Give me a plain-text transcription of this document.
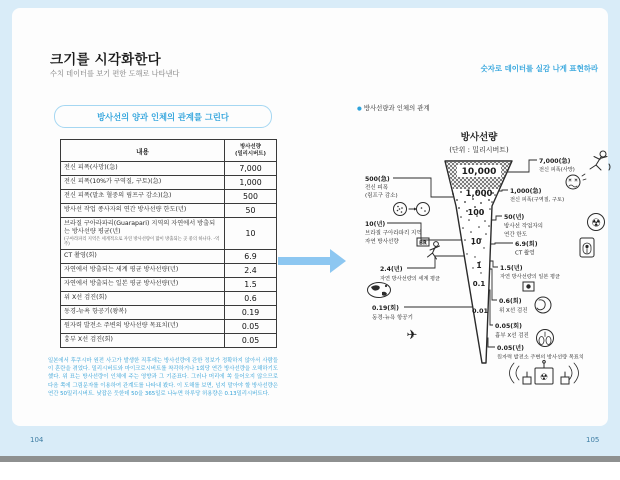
크기를 시각화한다
수치 데이터를 보기 편한 도해로 나타낸다
방사선의 양과 인체의 관계를 그린다
내용	방사선량
(밀리시버트)

전신 피폭(사망)(急)	7,000
전신 피폭(10%가 구역질, 구토)(急)	1,000
전신 피폭(말초 혈중의 림프구 감소)(急)	500
방사선 작업 종사자의 연간 방사선량 한도(년)	50
브라질 구아라파리(Guarapari) 지역의 자연에서 방출되는 방사선량 평균(년)
(구아라파리 지역은 세계적으로 자연 방사선량이 많이 방출되는 곳 중의 하나다. -역주)	10
CT 촬영(회)	6.9
자연에서 방출되는 세계 평균 방사선량(년)	2.4
자연에서 방출되는 일본 평균 방사선량(년)	1.5
위 X선 검진(회)	0.6
동경-뉴욕 항공기(왕복)	0.19
원자력 발전소 주변의 방사선량 목표치(년)	0.05
흉부 X선 검진(회)	0.05

일본에서 후쿠시마 원전 사고가 발생한 직후에는 방사선량에 관한 정보가 정확하지 않아서 사람들이 혼란을 겪었다. 밀리시버트와 마이크로시버트를 착각하거나 1회당 연간 방사선량을 오해하기도 했다. 위 표는 방사선량이 인체에 주는 영향과 그 기준표다. 그러나 머리에 쏙 들어오지 않으므로 다음 쪽에 그림문자를 이용하여 관계도를 나타내 봤다. 이 도해를 보면, 넘지 말아야 할 방사선량은 연간 50밀리시버트. 낮잡은 듯한데 50을 365일로 나누면 하루당 허용량은 0.13밀리시버트다.

숫자로 데이터를 실감 나게 표현하라
● 방사선량과 인체의 관계
방사선량
(단위 : 밀리시버트)
10,000
1,000
100
10
1
0.1
0.01
500(急)
전신 피폭
(림프구 감소)
10(년)
브라질 구아라파리 지역
자연 방사선량
2.4(년)
자연 방사선량의 세계 평균
0.19(회)
동경-뉴욕 항공기
7,000(急)
전신 피폭(사망)
1,000(急)
전신 피폭(구역질, 구토)
50(년)
방사선 작업자의
연간 한도
6.9(회)
CT 촬영
1.5(년)
자연 방사선량의 일본 평균
0.6(회)
위 X선 검진
0.05(회)
흉부 X선 검진
0.05(년)
원자력 발전소 주변의 방사선량 목표치
BR
✈
☢
☢
104	105
